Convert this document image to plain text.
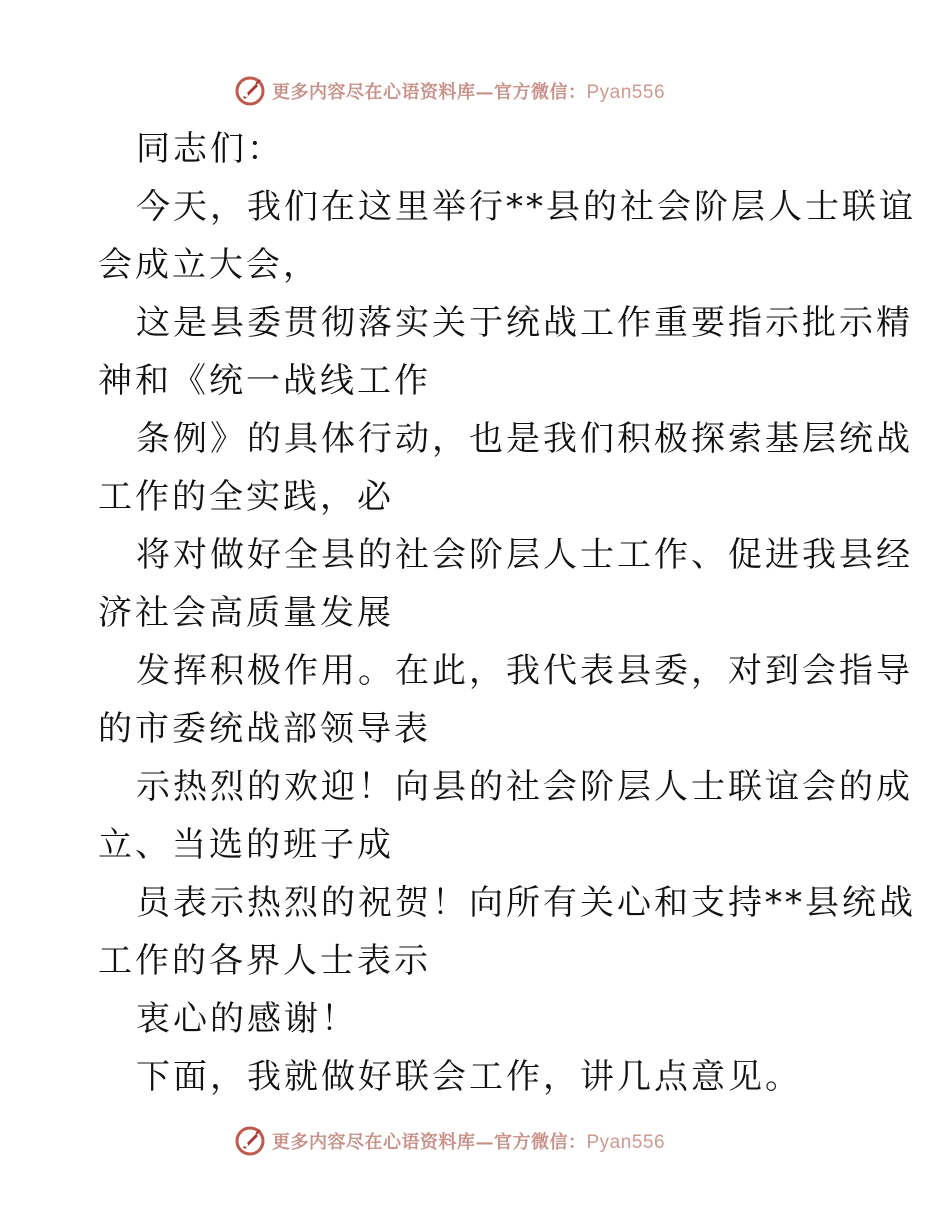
更多内容尽在心语资料库—官方微信：Pyan556

同志们：

今天，我们在这里举行**县的社会阶层人士联谊

会成立大会，

这是县委贯彻落实关于统战工作重要指示批示精

神和《统一战线工作

条例》的具体行动，也是我们积极探索基层统战

工作的全实践，必

将对做好全县的社会阶层人士工作、促进我县经

济社会高质量发展

发挥积极作用。在此，我代表县委，对到会指导

的市委统战部领导表

示热烈的欢迎！向县的社会阶层人士联谊会的成

立、当选的班子成

员表示热烈的祝贺！向所有关心和支持**县统战

工作的各界人士表示

衷心的感谢！

下面，我就做好联会工作，讲几点意见。

更多内容尽在心语资料库—官方微信：Pyan556
